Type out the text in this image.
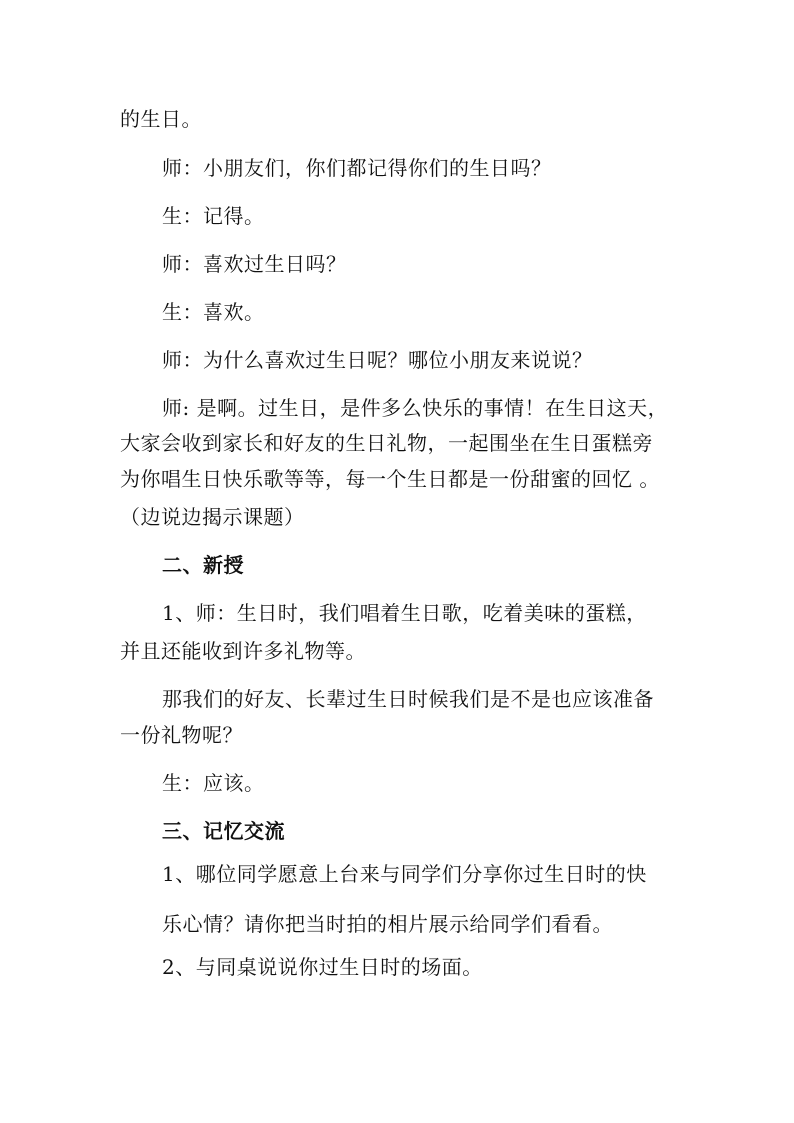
的生日。
师：小朋友们，你们都记得你们的生日吗？
生：记得。
师：喜欢过生日吗？
生：喜欢。
师：为什么喜欢过生日呢？哪位小朋友来说说？
师: 是啊。过生日，是件多么快乐的事情！在生日这天，
大家会收到家长和好友的生日礼物，一起围坐在生日蛋糕旁
为你唱生日快乐歌等等，每一个生日都是一份甜蜜的回忆 。
（边说边揭示课题）
二、新授
1、师：生日时，我们唱着生日歌，吃着美味的蛋糕，
并且还能收到许多礼物等。
那我们的好友、长辈过生日时候我们是不是也应该准备
一份礼物呢？
生：应该。
三、记忆交流
1、哪位同学愿意上台来与同学们分享你过生日时的快
乐心情？请你把当时拍的相片展示给同学们看看。
2、与同桌说说你过生日时的场面。
